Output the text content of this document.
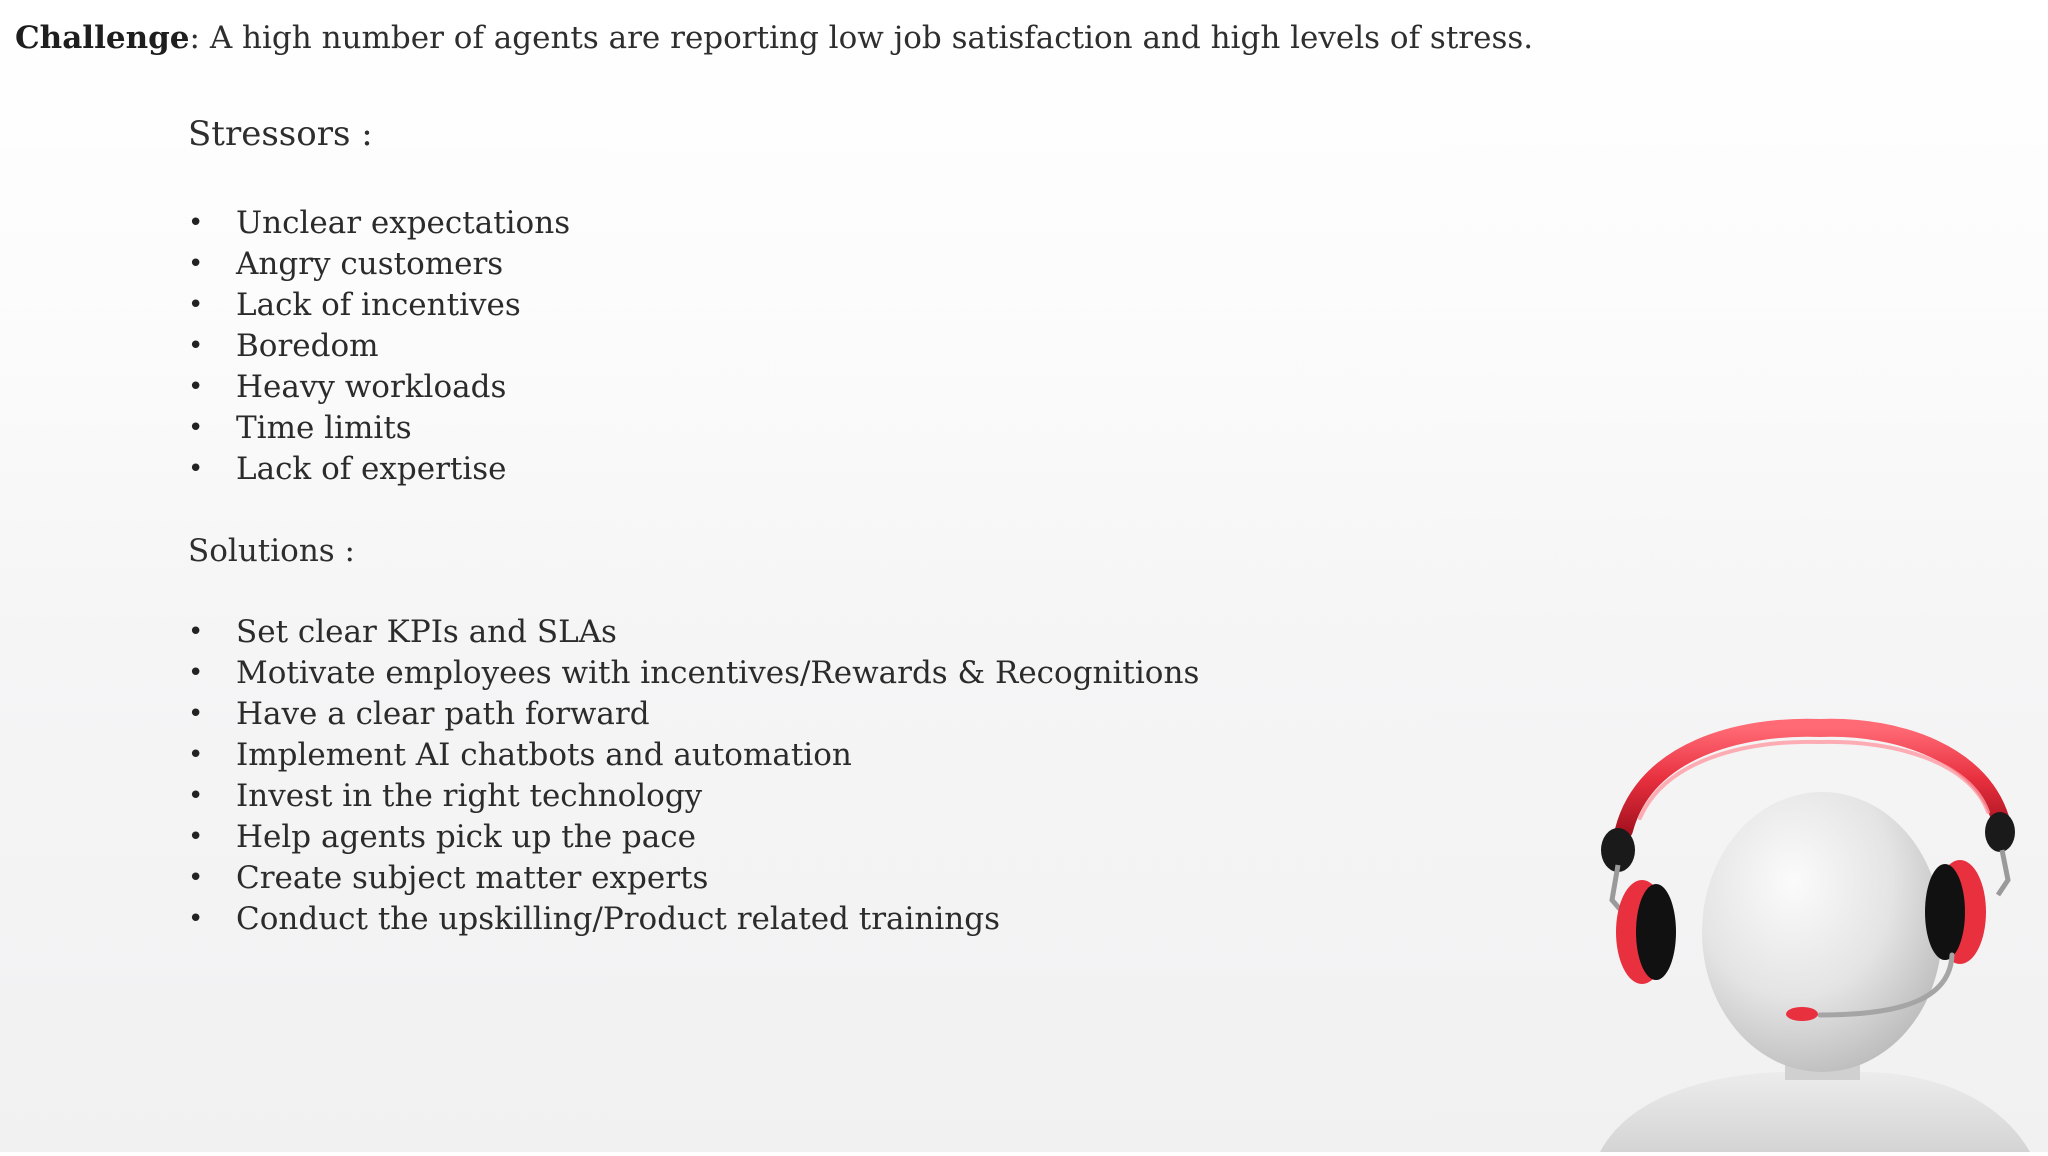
Challenge: A high number of agents are reporting low job satisfaction and high levels of stress.
Stressors :
• Unclear expectations
• Angry customers
• Lack of incentives
• Boredom
• Heavy workloads
• Time limits
• Lack of expertise
Solutions :
• Set clear KPIs and SLAs
• Motivate employees with incentives/Rewards & Recognitions
• Have a clear path forward
• Implement AI chatbots and automation
• Invest in the right technology
• Help agents pick up the pace
• Create subject matter experts
• Conduct the upskilling/Product related trainings
